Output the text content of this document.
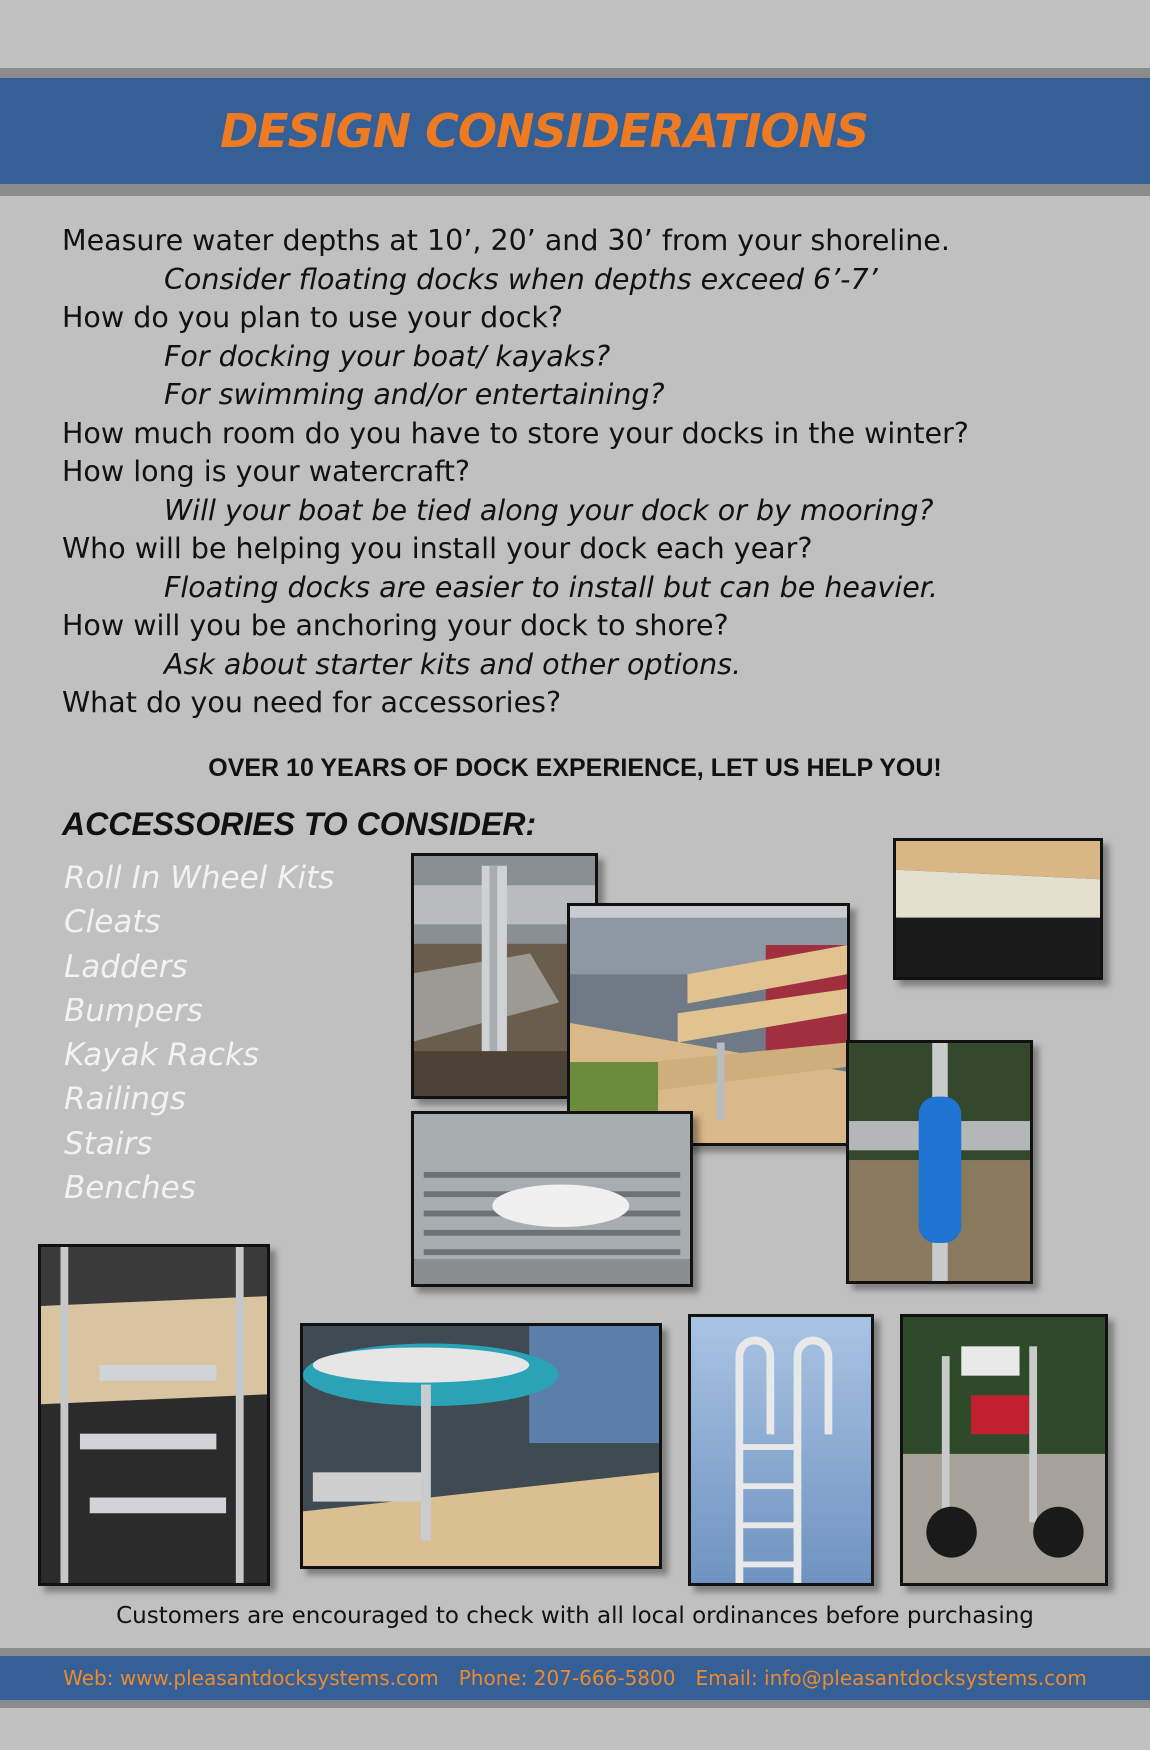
DESIGN CONSIDERATIONS
Measure water depths at 10’, 20’ and 30’ from your shoreline.
Consider floating docks when depths exceed 6’-7’
How do you plan to use your dock?
For docking your boat/ kayaks?
For swimming and/or entertaining?
How much room do you have to store your docks in the winter?
How long is your watercraft?
Will your boat be tied along your dock or by mooring?
Who will be helping you install your dock each year?
Floating docks are easier to install but can be heavier.
How will you be anchoring your dock to shore?
Ask about starter kits and other options.
What do you need for accessories?
OVER 10 YEARS OF DOCK EXPERIENCE, LET US HELP YOU!
ACCESSORIES TO CONSIDER:
Roll In Wheel Kits
Cleats
Ladders
Bumpers
Kayak Racks
Railings
Stairs
Benches
Customers are encouraged to check with all local ordinances before purchasing
Web: www.pleasantdocksystems.com Phone: 207-666-5800 Email: info@pleasantdocksystems.com
